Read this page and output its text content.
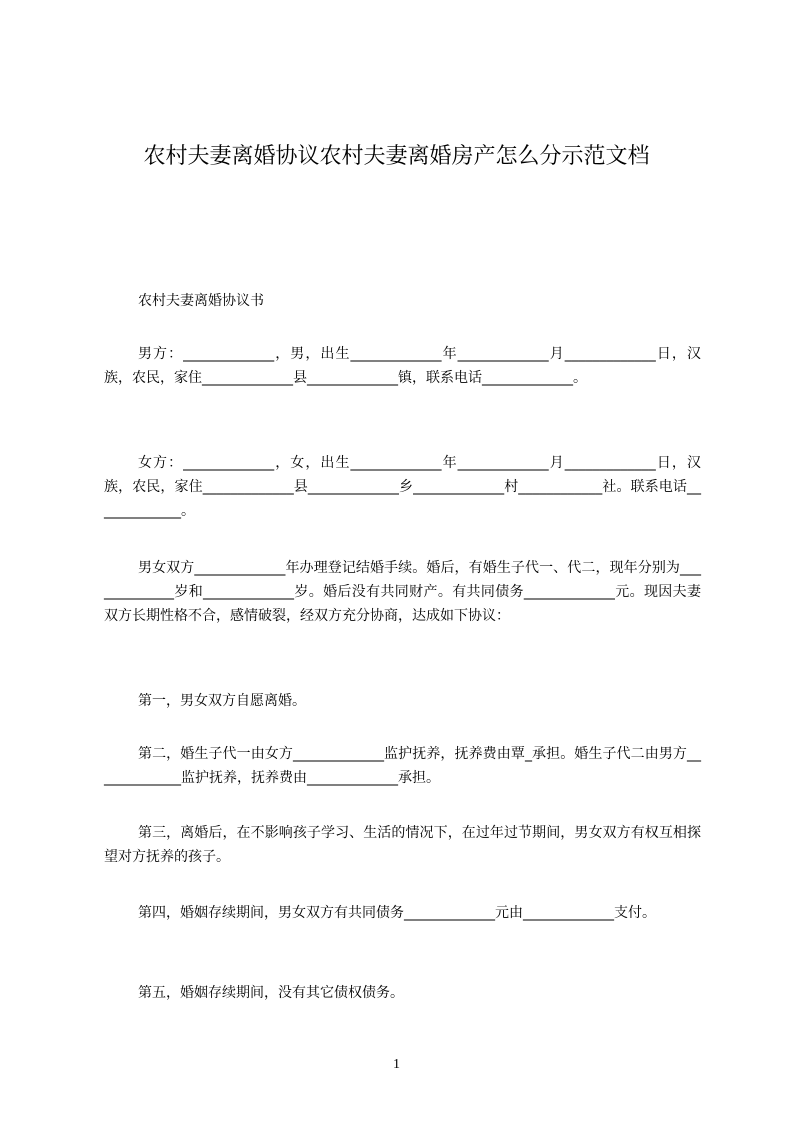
农村夫妻离婚协议农村夫妻离婚房产怎么分示范文档

农村夫妻离婚协议书

男方：_____________，男，出生_____________年_____________月_____________日，汉族，农民，家住_____________县_____________镇，联系电话_____________。

女方：_____________，女，出生_____________年_____________月_____________日，汉族，农民，家住_____________县_____________乡_____________村____________社。联系电话_____________。

男女双方_____________年办理登记结婚手续。婚后，有婚生子代一、代二，现年分别为_____________岁和_____________岁。婚后没有共同财产。有共同债务_____________元。现因夫妻双方长期性格不合，感情破裂，经双方充分协商，达成如下协议：

第一，男女双方自愿离婚。

第二，婚生子代一由女方_____________监护抚养，抚养费由覃_承担。婚生子代二由男方_____________监护抚养，抚养费由_____________承担。

第三，离婚后，在不影响孩子学习、生活的情况下，在过年过节期间，男女双方有权互相探望对方抚养的孩子。

第四，婚姻存续期间，男女双方有共同债务_____________元由_____________支付。

第五，婚姻存续期间，没有其它债权债务。

1
